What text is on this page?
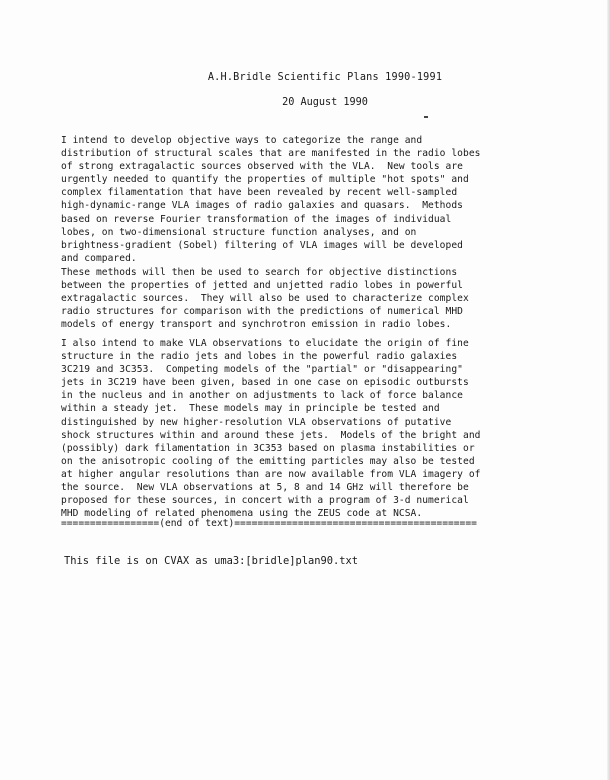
A.H.Bridle Scientific Plans 1990-1991
20 August 1990

I intend to develop objective ways to categorize the range and
distribution of structural scales that are manifested in the radio lobes
of strong extragalactic sources observed with the VLA.  New tools are
urgently needed to quantify the properties of multiple "hot spots" and
complex filamentation that have been revealed by recent well-sampled
high-dynamic-range VLA images of radio galaxies and quasars.  Methods
based on reverse Fourier transformation of the images of individual
lobes, on two-dimensional structure function analyses, and on
brightness-gradient (Sobel) filtering of VLA images will be developed
and compared.

These methods will then be used to search for objective distinctions
between the properties of jetted and unjetted radio lobes in powerful
extragalactic sources.  They will also be used to characterize complex
radio structures for comparison with the predictions of numerical MHD
models of energy transport and synchrotron emission in radio lobes.

I also intend to make VLA observations to elucidate the origin of fine
structure in the radio jets and lobes in the powerful radio galaxies
3C219 and 3C353.  Competing models of the "partial" or "disappearing"
jets in 3C219 have been given, based in one case on episodic outbursts
in the nucleus and in another on adjustments to lack of force balance
within a steady jet.  These models may in principle be tested and
distinguished by new higher-resolution VLA observations of putative
shock structures within and around these jets.  Models of the bright and
(possibly) dark filamentation in 3C353 based on plasma instabilities or
on the anisotropic cooling of the emitting particles may also be tested
at higher angular resolutions than are now available from VLA imagery of
the source.  New VLA observations at 5, 8 and 14 GHz will therefore be
proposed for these sources, in concert with a program of 3-d numerical
MHD modeling of related phenomena using the ZEUS code at NCSA.

=================(end of text)==========================================
This file is on CVAX as uma3:[bridle]plan90.txt
